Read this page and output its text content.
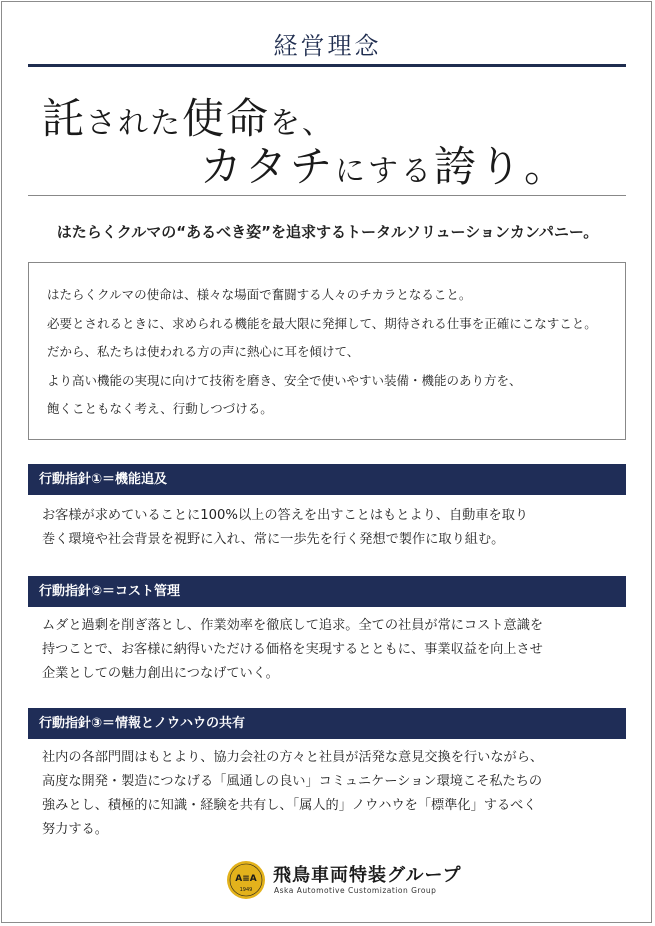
経営理念
託された使命を、
カタチにする誇り。
はたらくクルマの“あるべき姿”を追求するトータルソリューションカンパニー。
はたらくクルマの使命は、様々な場面で奮闘する人々のチカラとなること。
必要とされるときに、求められる機能を最大限に発揮して、期待される仕事を正確にこなすこと。
だから、私たちは使われる方の声に熱心に耳を傾けて、
より高い機能の実現に向けて技術を磨き、安全で使いやすい装備・機能のあり方を、
飽くこともなく考え、行動しつづける。
行動指針①＝機能追及
お客様が求めていることに100%以上の答えを出すことはもとより、自動車を取り
巻く環境や社会背景を視野に入れ、常に一歩先を行く発想で製作に取り組む。
行動指針②＝コスト管理
ムダと過剰を削ぎ落とし、作業効率を徹底して追求。全ての社員が常にコスト意識を
持つことで、お客様に納得いただける価格を実現するとともに、事業収益を向上させ
企業としての魅力創出につなげていく。
行動指針③＝情報とノウハウの共有
社内の各部門間はもとより、協力会社の方々と社員が活発な意見交換を行いながら、
高度な開発・製造につなげる「風通しの良い」コミュニケーション環境こそ私たちの
強みとし、積極的に知識・経験を共有し、「属人的」ノウハウを「標準化」するべく
努力する。
A≡A
1949
飛鳥車両特装グループ
Aska Automotive Customization Group
